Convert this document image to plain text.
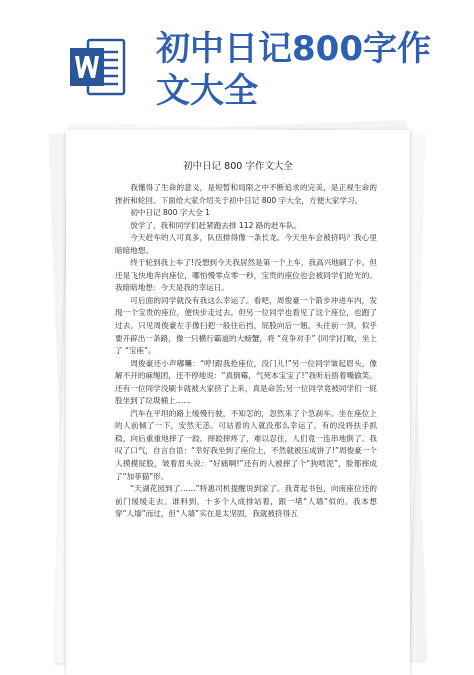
初中日记800字作文大全
初中日记 800 字作文大全

我懂得了生命的意义，是短暂和局限之中不断追求的完美，是正视生命的挫折和轮回。下面给大家介绍关于初中日记 800 字大全，方便大家学习。

初中日记 800 字大全 1

放学了，我和同学们赶紧跑去排 112 路的赶车队。

今天赶车的人可真多，队伍排得像一条长龙。今天坐车会被挤吗？我心里暗暗地想。

终于轮到我上车了!没想到今天我居然是第一个上车，我高兴地刷了卡。但还是飞快地奔向座位，哪怕慢零点零一秒，宝贵的座位也会被同学们抢光的。我暗暗地想：今天是我的幸运日。

可后面的同学就没有我这么幸运了。看吧，周俊豪一个箭步冲进车内，发现一个宝贵的座位，便快步走过去。但另一位同学也看见了这个座位，也跑了过去。只见周俊豪左手像扫把一般往后挡，屁股向后一翘，头往前一顶，似乎要开辟出一条路，像一只横行霸道的大螃蟹，将 “竞争对手” (同学)打败，坐上了 “宝座”。

周俊豪还小声嘟囔：“哼!跟我抢座位，没门儿!”另一位同学皱起眉头，像解不开的麻绳团，还不停地说：“真倒霉，气死本宝宝了!”我听后捂着嘴偷笑。还有一位同学没刷卡就被大家挤了上来，真是命苦;另一位同学竟被同学们一屁股坐到了垃圾桶上……

汽车在平坦的路上缓慢行驶，不知怎的，忽然来了个急刹车。坐在座位上的人前倾了一下，安然无恙。可站着的人就没那么幸运了，有的没将扶手抓稳，向后重重地摔了一跤。摔跤摔疼了，难以忍住，人们竟一连串地倒了。我叹了口气，自言自语：“幸好我坐到了座位上，不然就被压成饼了!”周俊豪一个人摸摸屁股，皱着眉头说：“好痛啊!”还有的人被摔了个“狗啃泥”，脸都摔成了“加菲猫”形。

“天湖花园到了……”特惠司机提醒说到家了。我背起书包，向南座位还的前门缓缓走去。谁料到，十多个人成排站着，跟一堵“人墙”似的。我本想穿“人墙”而过，但“人墙”实在是太坚固，我就被挤得五
